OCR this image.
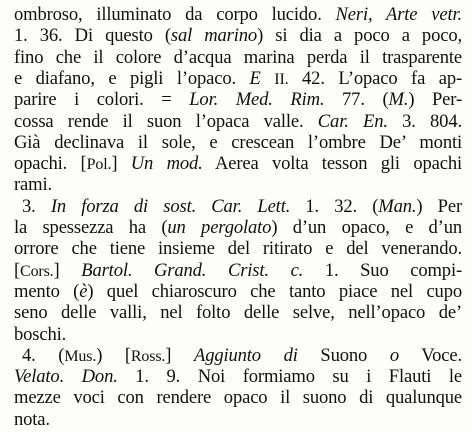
ombroso, illuminato da corpo lucido. Neri, Arte vetr.
1. 36. Di questo (sal marino) si dia a poco a poco,
fino che il colore d’acqua marina perda il trasparente
e diafano, e pigli l’opaco. E II. 42. L’opaco fa ap-
parire i colori. = Lor. Med. Rim. 77. (M.) Per-
cossa rende il suon l’opaca valle. Car. En. 3. 804.
Già declinava il sole, e crescean l’ombre De’ monti
opachi. [Pol.] Un mod. Aerea volta tesson gli opachi
rami.
3. In forza di sost. Car. Lett. 1. 32. (Man.) Per
la spessezza ha (un pergolato) d’un opaco, e d’un
orrore che tiene insieme del ritirato e del venerando.
[Cors.] Bartol. Grand. Crist. c. 1. Suo compi-
mento (è) quel chiaroscuro che tanto piace nel cupo
seno delle valli, nel folto delle selve, nell’opaco de’
boschi.
4. (Mus.) [Ross.] Aggiunto di Suono o Voce.
Velato. Don. 1. 9. Noi formiamo su i Flauti le
mezze voci con rendere opaco il suono di qualunque
nota.
